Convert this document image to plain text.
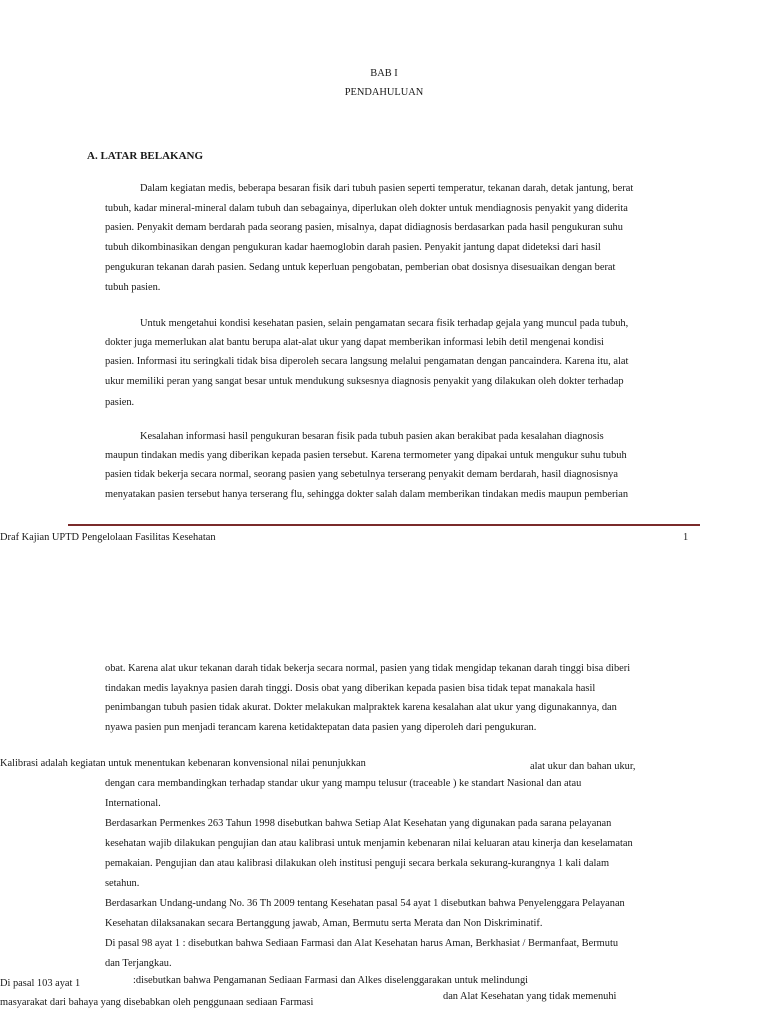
BAB I
PENDAHULUAN
A. LATAR BELAKANG
Dalam kegiatan medis, beberapa besaran fisik dari tubuh pasien seperti temperatur, tekanan darah, detak jantung, berat
tubuh, kadar mineral-mineral dalam tubuh dan sebagainya, diperlukan oleh dokter untuk mendiagnosis penyakit yang diderita
pasien. Penyakit demam berdarah pada seorang pasien, misalnya, dapat didiagnosis berdasarkan pada hasil pengukuran suhu
tubuh dikombinasikan dengan pengukuran kadar haemoglobin darah pasien. Penyakit jantung dapat dideteksi dari hasil
pengukuran tekanan darah pasien. Sedang untuk keperluan pengobatan, pemberian obat dosisnya disesuaikan dengan berat
tubuh pasien.
Untuk mengetahui kondisi kesehatan pasien, selain pengamatan secara fisik terhadap gejala yang muncul pada tubuh,
dokter juga memerlukan alat bantu berupa alat-alat ukur yang dapat memberikan informasi lebih detil mengenai kondisi
pasien. Informasi itu seringkali tidak bisa diperoleh secara langsung melalui pengamatan dengan pancaindera. Karena itu, alat
ukur memiliki peran yang sangat besar untuk mendukung suksesnya diagnosis penyakit yang dilakukan oleh dokter terhadap
pasien.
Kesalahan informasi hasil pengukuran besaran fisik pada tubuh pasien akan berakibat pada kesalahan diagnosis
maupun tindakan medis yang diberikan kepada pasien tersebut. Karena termometer yang dipakai untuk mengukur suhu tubuh
pasien tidak bekerja secara normal, seorang pasien yang sebetulnya terserang penyakit demam berdarah, hasil diagnosisnya
menyatakan pasien tersebut hanya terserang flu, sehingga dokter salah dalam memberikan tindakan medis maupun pemberian
Draf Kajian UPTD Pengelolaan Fasilitas Kesehatan	1
obat. Karena alat ukur tekanan darah tidak bekerja secara normal, pasien yang tidak mengidap tekanan darah tinggi bisa diberi
tindakan medis layaknya pasien darah tinggi. Dosis obat yang diberikan kepada pasien bisa tidak tepat manakala hasil
penimbangan tubuh pasien tidak akurat. Dokter melakukan malpraktek karena kesalahan alat ukur yang digunakannya, dan
nyawa pasien pun menjadi terancam karena ketidaktepatan data pasien yang diperoleh dari pengukuran.
Kalibrasi adalah kegiatan untuk menentukan kebenaran konvensional nilai penunjukkan	alat ukur dan bahan ukur,
dengan cara membandingkan terhadap standar ukur yang mampu telusur (traceable ) ke standart Nasional dan atau
International.
Berdasarkan Permenkes 263 Tahun 1998 disebutkan bahwa Setiap Alat Kesehatan yang digunakan pada sarana pelayanan
kesehatan wajib dilakukan pengujian dan atau kalibrasi untuk menjamin kebenaran nilai keluaran atau kinerja dan keselamatan
pemakaian. Pengujian dan atau kalibrasi dilakukan oleh institusi penguji secara berkala sekurang-kurangnya 1 kali dalam
setahun.
Berdasarkan Undang-undang No. 36 Th 2009 tentang Kesehatan pasal 54 ayat 1 disebutkan bahwa Penyelenggara Pelayanan
Kesehatan dilaksanakan secara Bertanggung jawab, Aman, Bermutu serta Merata dan Non Diskriminatif.
Di pasal 98 ayat 1 : disebutkan bahwa Sediaan Farmasi dan Alat Kesehatan harus Aman, Berkhasiat / Bermanfaat, Bermutu
dan Terjangkau.
Di pasal 103 ayat 1	:disebutkan bahwa Pengamanan Sediaan Farmasi dan Alkes diselenggarakan untuk melindungi
masyarakat dari bahaya yang disebabkan oleh penggunaan sediaan Farmasi
dan Alat Kesehatan yang tidak memenuhi
